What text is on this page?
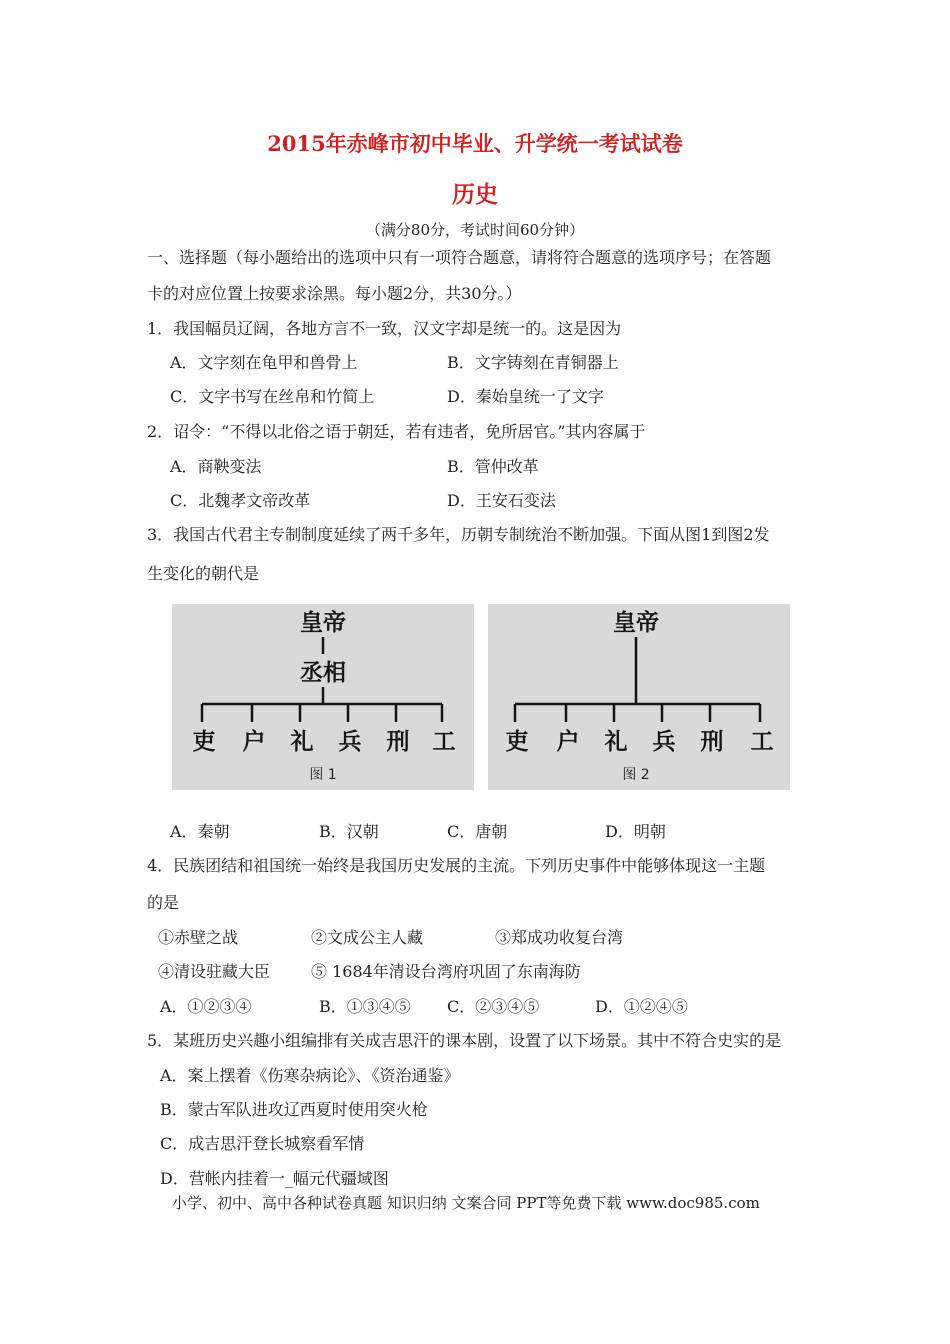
2015年赤峰市初中毕业、升学统一考试试卷
历史
（满分80分，考试时间60分钟）
一、选择题（每小题给出的选项中只有一项符合题意，请将符合题意的选项序号；在答题
卡的对应位置上按要求涂黑。每小题2分，共30分。）
1．我国幅员辽阔，各地方言不一致，汉文字却是统一的。这是因为
A．文字刻在龟甲和兽骨上	B．文字铸刻在青铜器上
C．文字书写在丝帛和竹简上	D．秦始皇统一了文字
2．诏令：“不得以北俗之语于朝廷，若有违者，免所居官。”其内容属于
A．商鞅变法	B．管仲改革
C．北魏孝文帝改革	D．王安石变法
3．我国古代君主专制制度延续了两千多年，历朝专制统治不断加强。下面从图1到图2发
生变化的朝代是
皇帝
丞相
吏 户 礼 兵 刑 工
图 1
皇帝
吏 户 礼 兵 刑 工
图 2
A．秦朝	B．汉朝	C．唐朝	D．明朝
4．民族团结和祖国统一始终是我国历史发展的主流。下列历史事件中能够体现这一主题
的是
①赤壁之战	②文成公主人藏	③郑成功收复台湾
④清设驻藏大臣	⑤ 1684年清设台湾府巩固了东南海防
A．①②③④	B．①③④⑤ C．②③④⑤	D．①②④⑤
5．某班历史兴趣小组编排有关成吉思汗的课本剧，设置了以下场景。其中不符合史实的是
A．案上摆着《伤寒杂病论》、《资治通鉴》
B．蒙古军队进攻辽西夏时使用突火枪
C．成吉思汗登长城察看军情
D．营帐内挂着一_幅元代疆域图
小学、初中、高中各种试卷真题 知识归纳 文案合同 PPT等免费下载 www.doc985.com
